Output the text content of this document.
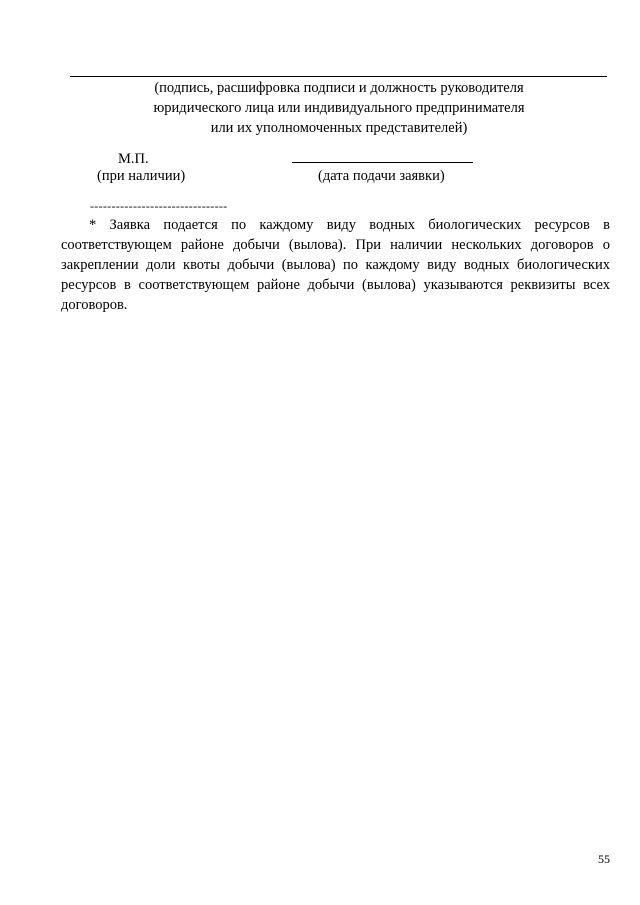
(подпись, расшифровка подписи и должность руководителя
юридического лица или индивидуального предпринимателя
или их уполномоченных представителей)
М.П.
(при наличии)	(дата подачи заявки)
--------------------------------
* Заявка подается по каждому виду водных биологических ресурсов в соответствующем районе добычи (вылова). При наличии нескольких договоров о закреплении доли квоты добычи (вылова) по каждому виду водных биологических ресурсов в соответствующем районе добычи (вылова) указываются реквизиты всех договоров.
55
